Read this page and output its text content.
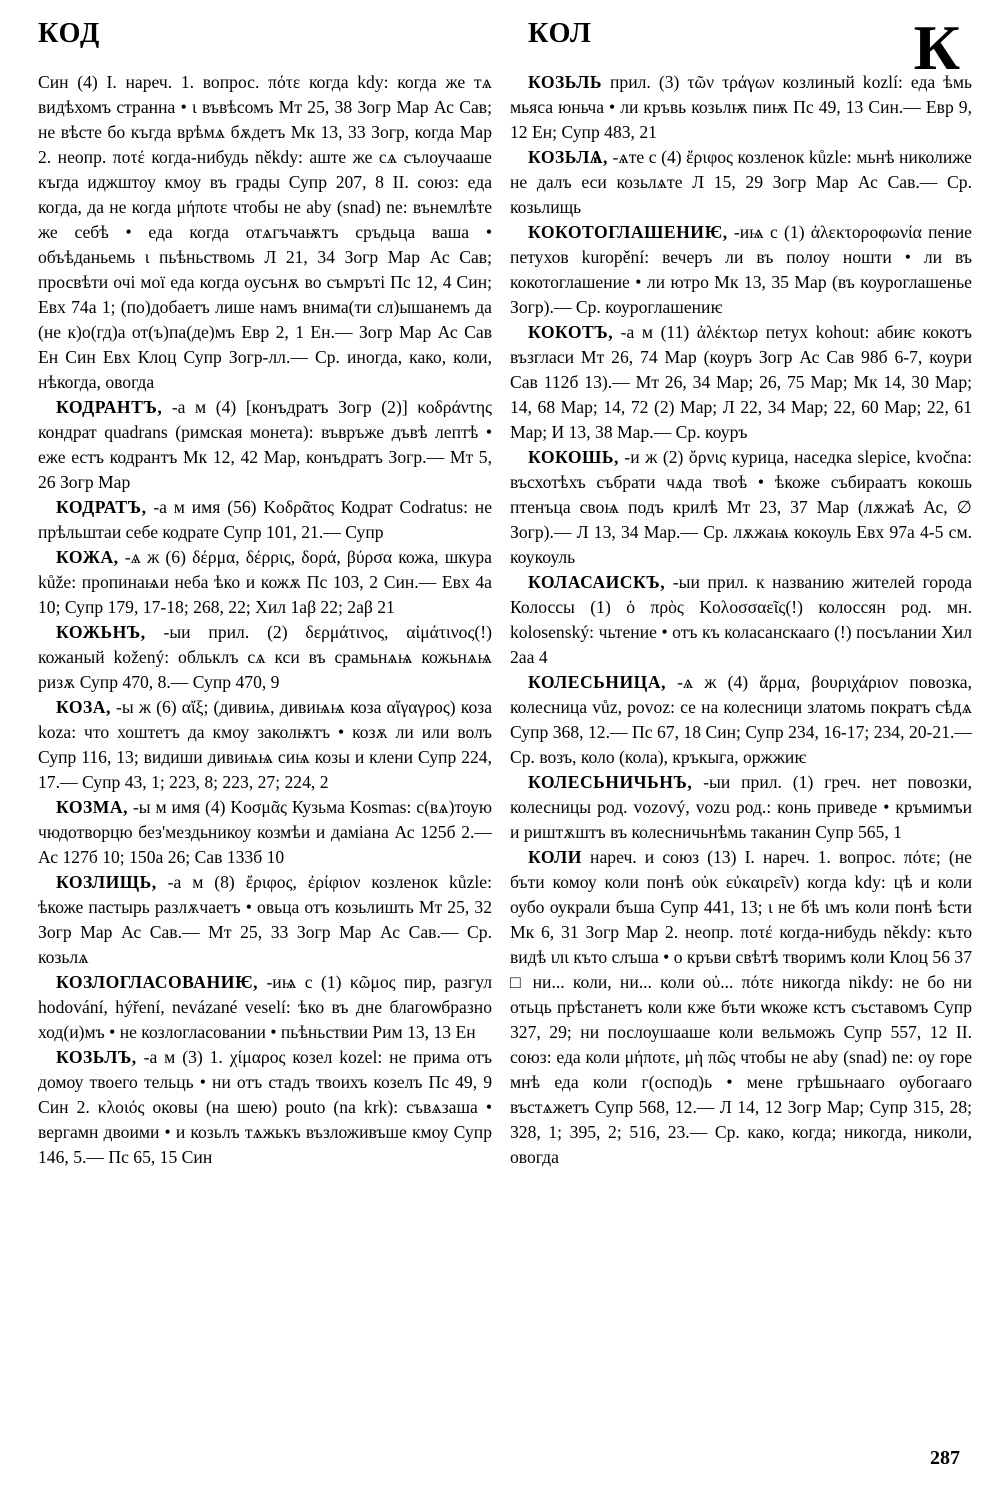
КОД	КОЛ	К

Син (4) I. нареч. 1. вопрос. πότε когда kdy: когда же тѧ видѣхомъ странна • ι въвѣсомъ Мт 25, 38 Зогр Мар Ас Сав; не вѣсте бо къгда врѣмѧ бѫдетъ Мк 13, 33 Зогр, когда Мар 2. неопр. ποτέ когда-нибудь někdy: аште же сѧ сълоучааше къгда иджштоу кмоу въ грады Супр 207, 8 II. союз: еда когда, да не когда μήποτε чтобы не aby (snad) ne: вънемлѣте же себѣ • еда когда отѧгъчаѭтъ сръдьца ваша • объѣданьемь ι пьѣньствомь Л 21, 34 Зогр Мар Ас Сав; просвѣти очі мої еда когда оусънѫ во съмръті Пс 12, 4 Син; Евх 74а 1; (по)добаетъ лише намъ внима(ти сл)ышанемъ да (не к)о(гд)а от(ъ)па(де)мъ Евр 2, 1 Ен.— Зогр Мар Ас Сав Ен Син Евх Клоц Супр Зогр-лл.— Ср. иногда, како, коли, нѣкогда, овогда

КОДРАНТЪ, -а м (4) [конъдратъ Зогр (2)] κοδράντης кондрат quadrans (римская монета): въвръже дъвѣ лептѣ • еже естъ кодрантъ Мк 12, 42 Мар, конъдратъ Зогр.— Мт 5, 26 Зогр Мар

КОДРАТЪ, -а м имя (56) Κοδρᾶτος Кодрат Codratus: не прѣльштаи себе кодрате Супр 101, 21.— Супр

КОЖА, -ѧ ж (6) δέρμα, δέρρις, δορά, βύρσα кожа, шкура kůže: пропинаѩи неба ѣко и кожѫ Пс 103, 2 Син.— Евх 4а 10; Супр 179, 17-18; 268, 22; Хил 1аβ 22; 2аβ 21

КОЖЬНЪ, -ыи прил. (2) δερμάτινος, αἰμάτινος(!) кожаный kožený: обльклъ сѧ кси въ срамьнѧѩ кожьнѧѩ ризѫ Супр 470, 8.— Супр 470, 9

КОЗА, -ы ж (6) αἴξ; (дивиѩ, дивиѩѩ коза αἴγαγρος) коза koza: что хоштетъ да кмоу заколѭтъ • козѫ ли или волъ Супр 116, 13; видиши дивиѩѩ сиѩ козы и клени Супр 224, 17.— Супр 43, 1; 223, 8; 223, 27; 224, 2

КОЗМА, -ы м имя (4) Κοσμᾶς Кузьма Kosmas: с(вѧ)тоую чюдотворцю без'мездьникоу козмѣи и дамiана Ас 125б 2.— Ас 127б 10; 150а 26; Сав 133б 10

КОЗЛИЩЬ, -а м (8) ἔριφος, ἐρίφιον козленок kůzle: ѣкоже пастырь разлѫчаетъ • овьца отъ козьлишть Мт 25, 32 Зогр Мар Ас Сав.— Мт 25, 33 Зогр Мар Ас Сав.— Ср. козьлѧ

КОЗЛОГЛАСОВАНИѤ, -иѩ с (1) κῶμος пир, разгул hodování, hýření, nevázané veselí: ѣко въ дне благоѡбразно ход(и)мъ • не козлогласовании • пьѣньствии Рим 13, 13 Ен

КОЗЬЛЪ, -а м (3) 1. χίμαρος козел kozel: не прима отъ домоу твоего тельць • ни отъ стадъ твоихъ козелъ Пс 49, 9 Син 2. κλοιός оковы (на шею) pouto (na krk): съвѧзаша • вергамн двоими • и козьлъ тѧжькъ възложивъше кмоу Супр 146, 5.— Пс 65, 15 Син

КОЗЬЛЬ прил. (3) τῶν τράγων козлиный kozlí: еда ѣмь мьяса юньча • ли кръвь козьлѭ пиѭ Пс 49, 13 Син.— Евр 9, 12 Ен; Супр 483, 21

КОЗЬЛѦ, -ѧте с (4) ἔριφος козленок kůzle: мьнѣ николиже не далъ еси козьлѧте Л 15, 29 Зогр Мар Ас Сав.— Ср. козьлищь

КОКОТОГЛАШЕНИѤ, -иѩ с (1) ἀλεκτοροφωνία пение петухов kuropění: вечеръ ли въ полоу ношти • ли въ кокотоглашение • ли ютро Мк 13, 35 Мар (въ коуроглашенье Зогр).— Ср. коуроглашениѥ

КОКОТЪ, -а м (11) ἀλέκτωρ петух kohout: абиѥ кокотъ възгласи Мт 26, 74 Мар (коуръ Зогр Ас Сав 98б 6-7, коури Сав 112б 13).— Мт 26, 34 Мар; 26, 75 Мар; Мк 14, 30 Мар; 14, 68 Мар; 14, 72 (2) Мар; Л 22, 34 Мар; 22, 60 Мар; 22, 61 Мар; И 13, 38 Мар.— Ср. коуръ

КОКОШЬ, -и ж (2) ὄρνις курица, наседка slepice, kvočna: въсхотѣхъ събрати чѧда твоѣ • ѣкоже събираатъ кокошь птенъца своѩ подъ крилѣ Мт 23, 37 Мар (лѫжаѣ Ас, ∅ Зогр).— Л 13, 34 Мар.— Ср. лѫжаѩ кокоуль Евх 97а 4-5 см. коукоуль

КОЛАСАИСКЪ, -ыи прил. к названию жителей города Колоссы (1) ὁ πρὸς Κολοσσαεῖς(!) колоссян род. мн. kolosenský: чьтение • отъ къ коласанскааго (!) посълании Хил 2аа 4

КОЛЕСЬНИЦА, -ѧ ж (4) ἅρμα, βουριχάριον повозка, колесница vůz, povoz: се на колесници златомь пократъ сѣдѧ Супр 368, 12.— Пс 67, 18 Син; Супр 234, 16-17; 234, 20-21.— Ср. возъ, коло (кола), кръкыга, оржжиѥ

КОЛЕСЬНИЧЬНЪ, -ыи прил. (1) греч. нет повозки, колесницы род. vozový, vozu род.: конь приведе • кръмимъи и риштѫштъ въ колесничьнѣмь таканин Супр 565, 1

КОЛИ нареч. и союз (13) I. нареч. 1. вопрос. πότε; (не бъти комоу коли понѣ οὐκ εὐκαιρεῖν) когда kdy: цѣ и коли оубо оукрали бъша Супр 441, 13; ι не бѣ ιмъ коли понѣ ѣсти Мк 6, 31 Зогр Мар 2. неопр. ποτέ когда-нибудь někdy: къто видѣ ιлι къто слъша • о кръви свѣтѣ творимъ коли Клоц 56 37 □ ни... коли, ни... коли οὐ... πότε никогда nikdy: не бо ни отьць прѣстанетъ коли кже бъти ѡкоже кстъ съставомъ Супр 327, 29; ни послоушааше коли вельможъ Супр 557, 12 II. союз: еда коли μήποτε, μὴ πῶς чтобы не aby (snad) ne: оу горе мнѣ еда коли г(оспод)ь • мене грѣшьнааго оубогааго въстѧжетъ Супр 568, 12.— Л 14, 12 Зогр Мар; Супр 315, 28; 328, 1; 395, 2; 516, 23.— Ср. како, когда; никогда, николи, овогда

287
